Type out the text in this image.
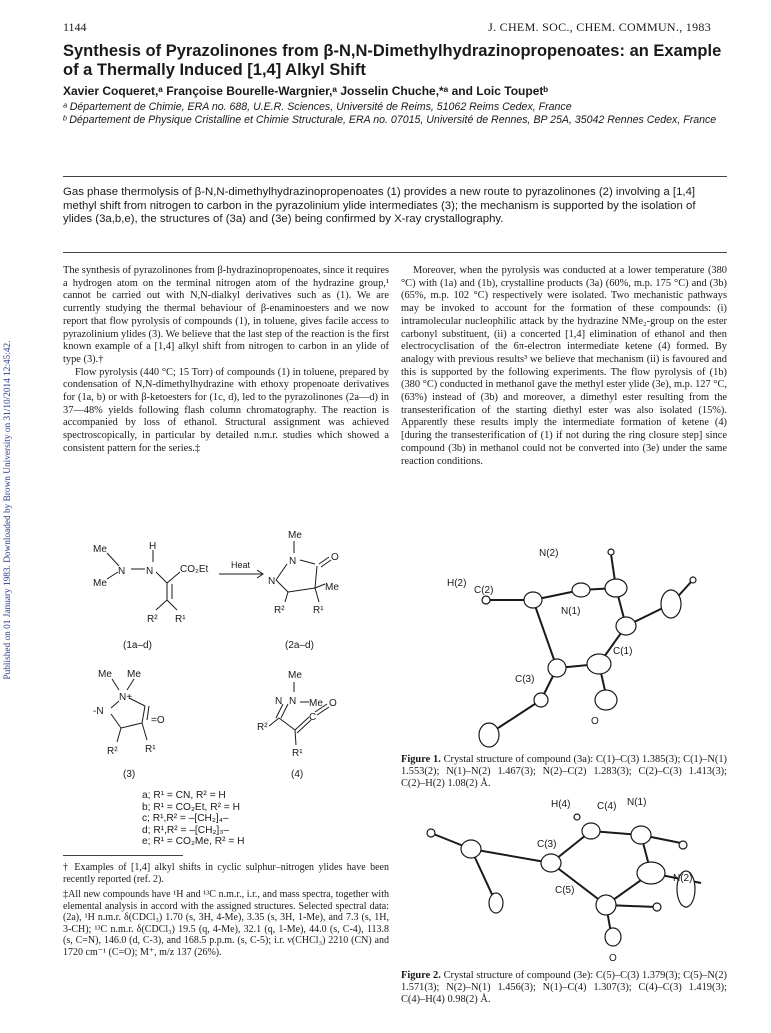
1144	J. CHEM. SOC., CHEM. COMMUN., 1983
Synthesis of Pyrazolinones from β-N,N-Dimethylhydrazinopropenoates: an Example of a Thermally Induced [1,4] Alkyl Shift
Xavier Coqueret,ᵃ Françoise Bourelle-Wargnier,ᵃ Josselin Chuche,*ᵃ and Loic Toupetᵇ
ᵃ Département de Chimie, ERA no. 688, U.E.R. Sciences, Université de Reims, 51062 Reims Cedex, France
ᵇ Département de Physique Cristalline et Chimie Structurale, ERA no. 07015, Université de Rennes, BP 25A, 35042 Rennes Cedex, France
Gas phase thermolysis of β-N,N-dimethylhydrazinopropenoates (1) provides a new route to pyrazolinones (2) involving a [1,4] methyl shift from nitrogen to carbon in the pyrazolinium ylide intermediates (3); the mechanism is supported by the isolation of ylides (3a,b,e), the structures of (3a) and (3e) being confirmed by X-ray crystallography.
Published on 01 January 1983. Downloaded by Brown University on 31/10/2014 12:45:42.

The synthesis of pyrazolinones from β-hydrazinopropenoates, since it requires a hydrogen atom on the terminal nitrogen atom of the hydrazine group,¹ cannot be carried out with N,N-dialkyl derivatives such as (1). We are currently studying the thermal behaviour of β-enaminoesters and we now report that flow pyrolysis of compounds (1), in toluene, gives facile access to pyrazolinium ylides (3). We believe that the last step of the reaction is the first known example of a [1,4] alkyl shift from nitrogen to carbon in an ylide of type (3).†

Flow pyrolysis (440 °C; 15 Torr) of compounds (1) in toluene, prepared by condensation of N,N-dimethylhydrazine with ethoxy propenoate derivatives for (1a, b) or with β-ketoesters for (1c, d), led to the pyrazolinones (2a—d) in 37—48% yields following flash column chromatography. The reaction is accompanied by loss of ethanol. Structural assignment was achieved spectroscopically, in particular by detailed n.m.r. studies which showed a consistent pattern for the series.‡

Moreover, when the pyrolysis was conducted at a lower temperature (380 °C) with (1a) and (1b), crystalline products (3a) (60%, m.p. 175 °C) and (3b) (65%, m.p. 102 °C) respectively were isolated. Two mechanistic pathways may be invoked to account for the formation of these compounds: (i) intramolecular nucleophilic attack by the hydrazine NMe₂-group on the ester carbonyl substituent, (ii) a concerted [1,4] elimination of ethanol and then electrocyclisation of the 6π-electron intermediate ketene (4) formed. By analogy with previous results³ we believe that mechanism (ii) is favoured and this is supported by the following experiments. The flow pyrolysis of (1b) (380 °C) conducted in methanol gave the methyl ester ylide (3e), m.p. 127 °C, (63%) instead of (3b) and moreover, a dimethyl ester resulting from the transesterification of the starting diethyl ester was also isolated (15%). Apparently these results imply the intermediate formation of ketene (4) [during the transesterification of (1) if not during the ring closure step] since compound (3b) in methanol could not be converted into (3e) under the same reaction conditions.

Me	H
N N	CO₂Et
Me
R² R¹
Heat
Me
N
N
O
Me
R²	R¹
Me Me
N+
-N
=O
R²	R¹
Me
N Me
N
C
O
R²
R¹
(1a–d)	(2a–d)
(3)	(4)
a; R¹ = CN, R² = H
b; R¹ = CO₂Et, R² = H
c; R¹,R² = –[CH₂]₄–
d; R¹,R² = –[CH₂]₃–
e; R¹ = CO₂Me, R² = H

† Examples of [1,4] alkyl shifts in cyclic sulphur–nitrogen ylides have been recently reported (ref. 2).

‡All new compounds have ¹H and ¹³C n.m.r., i.r., and mass spectra, together with elemental analysis in accord with the assigned structures. Selected spectral data: (2a), ¹H n.m.r. δ(CDCl₃) 1.70 (s, 3H, 4-Me), 3.35 (s, 3H, 1-Me), and 7.3 (s, 1H, 3-CH); ¹³C n.m.r. δ(CDCl₃) 19.5 (q, 4-Me), 32.1 (q, 1-Me), 44.0 (s, C-4), 113.8 (s, C=N), 146.0 (d, C-3), and 168.5 p.p.m. (s, C-5); i.r. ν(CHCl₃) 2210 (CN) and 1720 cm⁻¹ (C=O); M⁺, m/z 137 (26%).

N(2)
H(2)
C(2)
N(1)
C(1)
C(3)
O
Figure 1. Crystal structure of compound (3a): C(1)–C(3) 1.385(3); C(1)–N(1) 1.553(2); N(1)–N(2) 1.467(3); N(2)–C(2) 1.283(3); C(2)–C(3) 1.413(3); C(2)–H(2) 1.08(2) Å.
H(4)	C(4) N(1)
C(3)
N(2)
C(5)
O
Figure 2. Crystal structure of compound (3e): C(5)–C(3) 1.379(3); C(5)–N(2) 1.571(3); N(2)–N(1) 1.456(3); N(1)–C(4) 1.307(3); C(4)–C(3) 1.419(3); C(4)–H(4) 0.98(2) Å.
